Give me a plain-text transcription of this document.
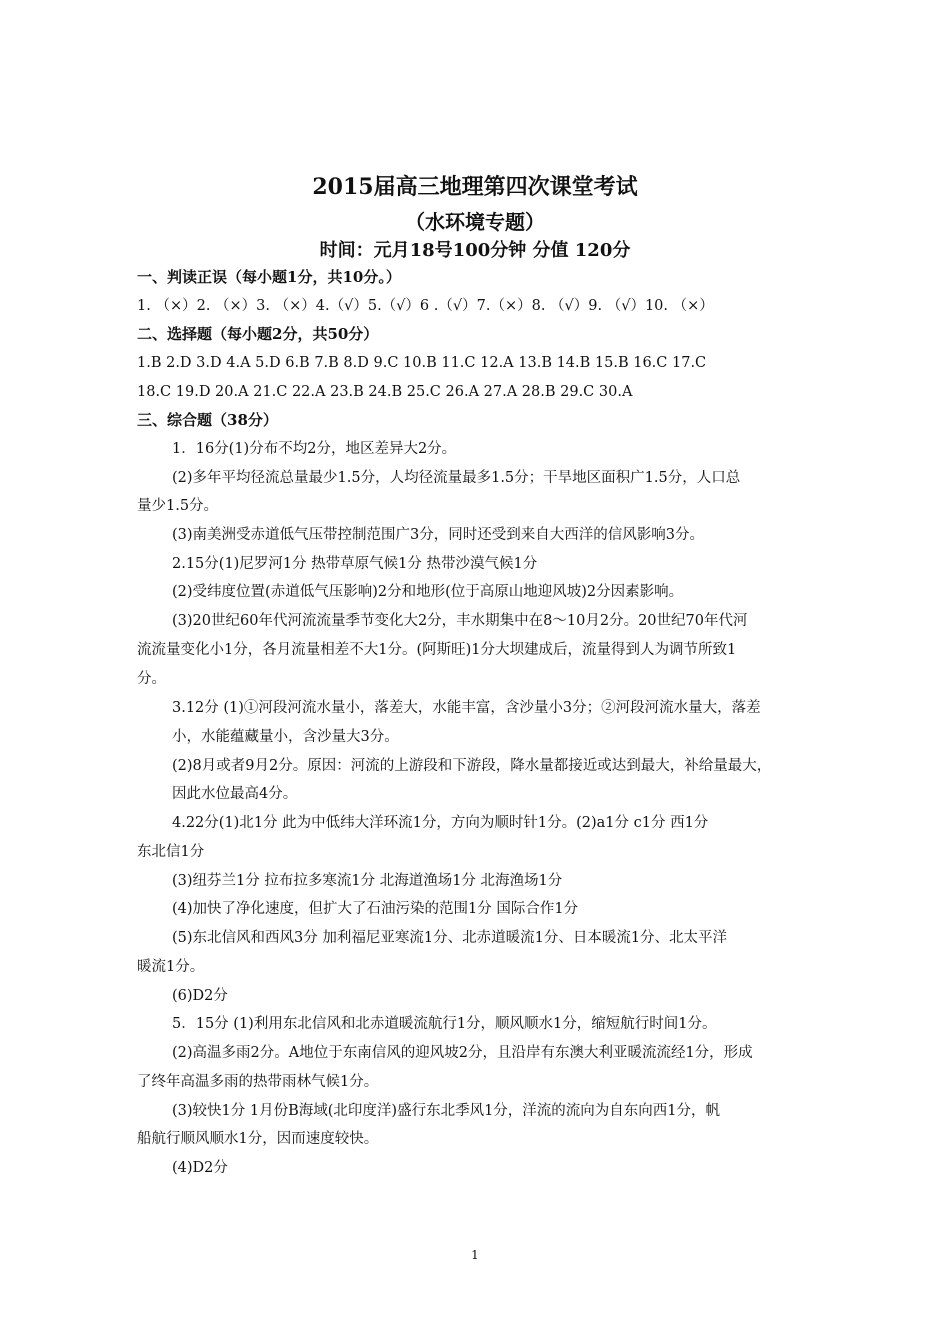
2015届高三地理第四次课堂考试
（水环境专题）
时间：元月18号100分钟 分值 120分
一、判读正误（每小题1分，共10分。）
1. （×）2. （×）3. （×）4.（√）5.（√）6 .（√）7.（×）8. （√）9. （√）10. （×）
二、选择题（每小题2分，共50分）
1.B 2.D 3.D 4.A 5.D 6.B 7.B 8.D 9.C 10.B 11.C 12.A 13.B 14.B 15.B 16.C 17.C
18.C 19.D 20.A 21.C 22.A 23.B 24.B 25.C 26.A 27.A 28.B 29.C 30.A
三、综合题（38分）
1．16分(1)分布不均2分，地区差异大2分。
(2)多年平均径流总量最少1.5分，人均径流量最多1.5分；干旱地区面积广1.5分，人口总
量少1.5分。
(3)南美洲受赤道低气压带控制范围广3分，同时还受到来自大西洋的信风影响3分。
2.15分(1)尼罗河1分 热带草原气候1分 热带沙漠气候1分
(2)受纬度位置(赤道低气压影响)2分和地形(位于高原山地迎风坡)2分因素影响。
(3)20世纪60年代河流流量季节变化大2分，丰水期集中在8～10月2分。20世纪70年代河
流流量变化小1分，各月流量相差不大1分。(阿斯旺)1分大坝建成后，流量得到人为调节所致1
分。
3.12分 (1)①河段河流水量小，落差大，水能丰富，含沙量小3分；②河段河流水量大，落差
小，水能蕴藏量小，含沙量大3分。
(2)8月或者9月2分。原因：河流的上游段和下游段，降水量都接近或达到最大，补给量最大，
因此水位最高4分。
4.22分(1)北1分 此为中低纬大洋环流1分，方向为顺时针1分。(2)a1分 c1分 西1分
东北信1分
(3)纽芬兰1分 拉布拉多寒流1分 北海道渔场1分 北海渔场1分
(4)加快了净化速度，但扩大了石油污染的范围1分 国际合作1分
(5)东北信风和西风3分 加利福尼亚寒流1分、北赤道暖流1分、日本暖流1分、北太平洋
暖流1分。
(6)D2分
5．15分 (1)利用东北信风和北赤道暖流航行1分，顺风顺水1分，缩短航行时间1分。
(2)高温多雨2分。A地位于东南信风的迎风坡2分，且沿岸有东澳大利亚暖流流经1分，形成
了终年高温多雨的热带雨林气候1分。
(3)较快1分 1月份B海域(北印度洋)盛行东北季风1分，洋流的流向为自东向西1分，帆
船航行顺风顺水1分，因而速度较快。
(4)D2分
1
